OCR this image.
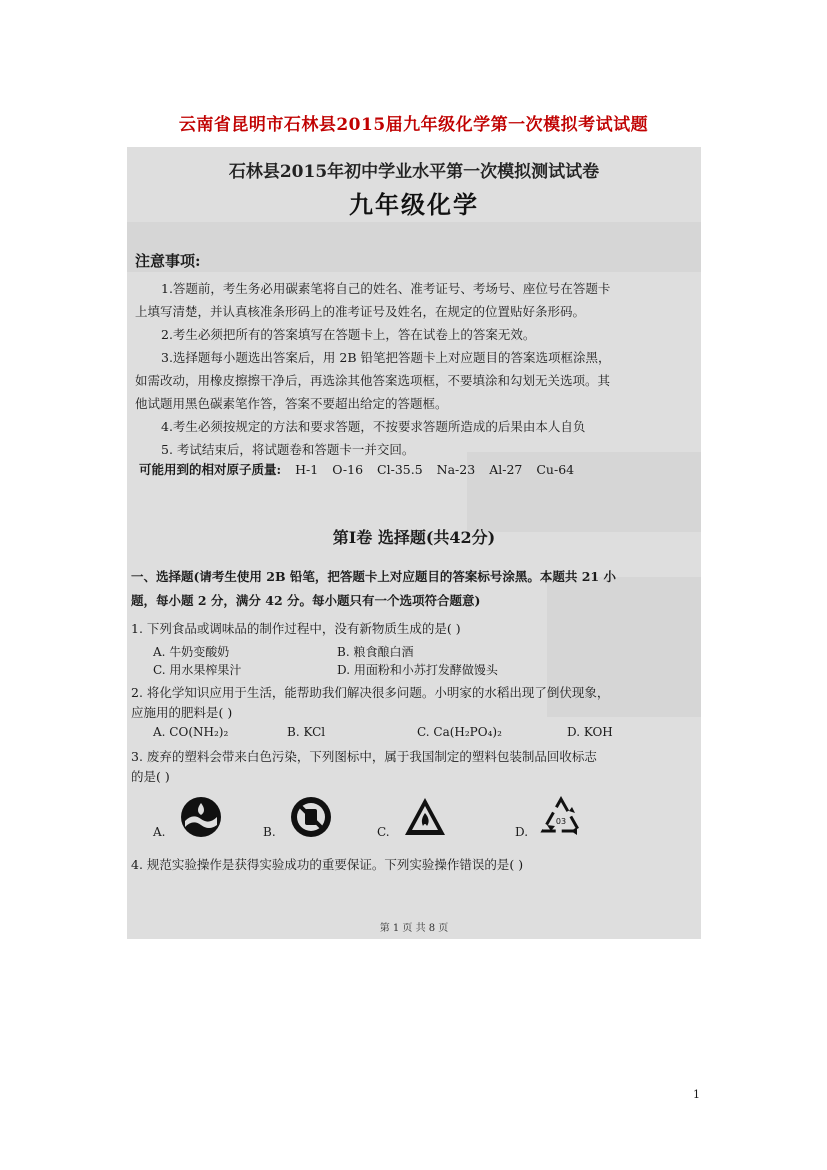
云南省昆明市石林县2015届九年级化学第一次模拟考试试题
石林县2015年初中学业水平第一次模拟测试试卷
九年级化学
注意事项:
1.答题前，考生务必用碳素笔将自己的姓名、准考证号、考场号、座位号在答题卡
上填写清楚，并认真核准条形码上的准考证号及姓名，在规定的位置贴好条形码。
2.考生必须把所有的答案填写在答题卡上，答在试卷上的答案无效。
3.选择题每小题选出答案后，用 2B 铅笔把答题卡上对应题目的答案选项框涂黑，
如需改动，用橡皮擦擦干净后，再选涂其他答案选项框，不要填涂和勾划无关选项。其
他试题用黑色碳素笔作答，答案不要超出给定的答题框。
4.考生必须按规定的方法和要求答题，不按要求答题所造成的后果由本人自负
5. 考试结束后，将试题卷和答题卡一并交回。
可能用到的相对原子质量: H-1 O-16 Cl-35.5 Na-23 Al-27 Cu-64
第Ⅰ卷 选择题(共42分)
一、选择题(请考生使用 2B 铅笔，把答题卡上对应题目的答案标号涂黑。本题共 21 小
题，每小题 2 分，满分 42 分。每小题只有一个选项符合题意)
1. 下列食品或调味品的制作过程中，没有新物质生成的是( )
A. 牛奶变酸奶	B. 粮食酿白酒
C. 用水果榨果汁	D. 用面粉和小苏打发酵做馒头
2. 将化学知识应用于生活，能帮助我们解决很多问题。小明家的水稻出现了倒伏现象，
应施用的肥料是( )
A. CO(NH₂)₂	B. KCl	C. Ca(H₂PO₄)₂	D. KOH
3. 废弃的塑料会带来白色污染，下列图标中，属于我国制定的塑料包装制品回收标志
的是( )
A.	B.	C.	D.
03
4. 规范实验操作是获得实验成功的重要保证。下列实验操作错误的是( )
第 1 页 共 8 页
1
